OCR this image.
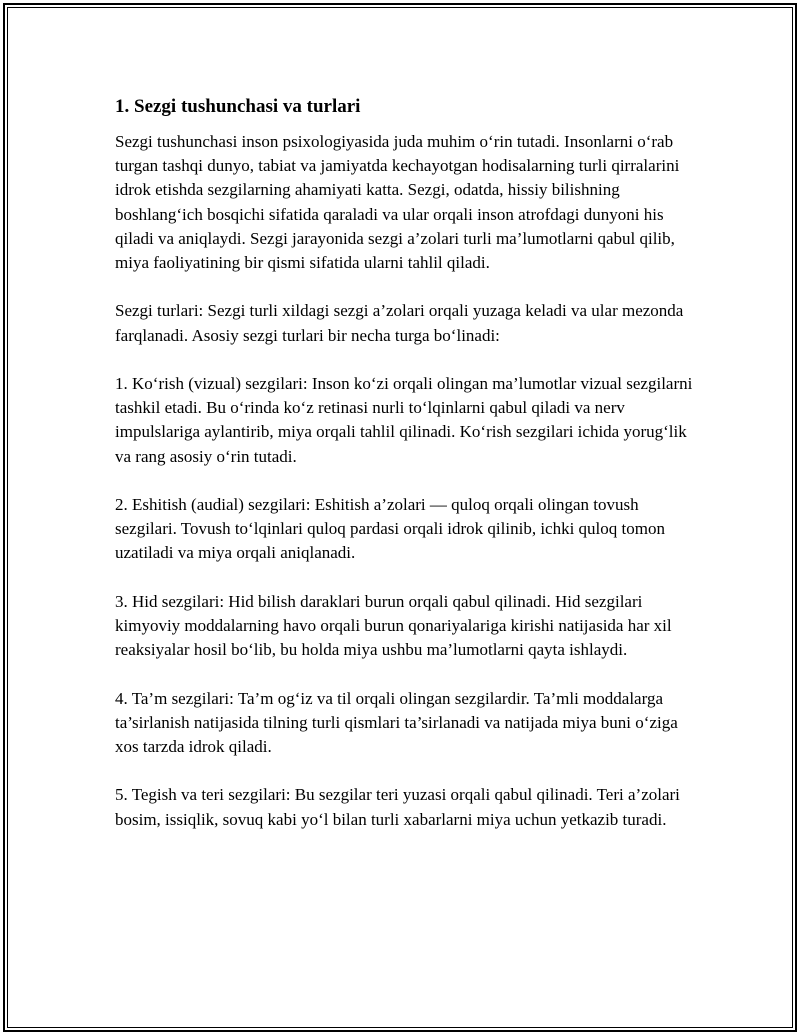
1. Sezgi tushunchasi va turlari

Sezgi tushunchasi inson psixologiyasida juda muhim o‘rin tutadi. Insonlarni o‘rab turgan tashqi dunyo, tabiat va jamiyatda kechayotgan hodisalarning turli qirralarini idrok etishda sezgilarning ahamiyati katta. Sezgi, odatda, hissiy bilishning boshlang‘ich bosqichi sifatida qaraladi va ular orqali inson atrofdagi dunyoni his qiladi va aniqlaydi. Sezgi jarayonida sezgi a’zolari turli ma’lumotlarni qabul qilib, miya faoliyatining bir qismi sifatida ularni tahlil qiladi.

Sezgi turlari: Sezgi turli xildagi sezgi a’zolari orqali yuzaga keladi va ular mezonda farqlanadi. Asosiy sezgi turlari bir necha turga bo‘linadi:

1. Ko‘rish (vizual) sezgilari: Inson ko‘zi orqali olingan ma’lumotlar vizual sezgilarni tashkil etadi. Bu o‘rinda ko‘z retinasi nurli to‘lqinlarni qabul qiladi va nerv impulslariga aylantirib, miya orqali tahlil qilinadi. Ko‘rish sezgilari ichida yorug‘lik va rang asosiy o‘rin tutadi.

2. Eshitish (audial) sezgilari: Eshitish a’zolari — quloq orqali olingan tovush sezgilari. Tovush to‘lqinlari quloq pardasi orqali idrok qilinib, ichki quloq tomon uzatiladi va miya orqali aniqlanadi.

3. Hid sezgilari: Hid bilish daraklari burun orqali qabul qilinadi. Hid sezgilari kimyoviy moddalarning havo orqali burun qonariyalariga kirishi natijasida har xil reaksiyalar hosil bo‘lib, bu holda miya ushbu ma’lumotlarni qayta ishlaydi.

4. Ta’m sezgilari: Ta’m og‘iz va til orqali olingan sezgilardir. Ta’mli moddalarga ta’sirlanish natijasida tilning turli qismlari ta’sirlanadi va natijada miya buni o‘ziga xos tarzda idrok qiladi.

5. Tegish va teri sezgilari: Bu sezgilar teri yuzasi orqali qabul qilinadi. Teri a’zolari bosim, issiqlik, sovuq kabi yo‘l bilan turli xabarlarni miya uchun yetkazib turadi.
